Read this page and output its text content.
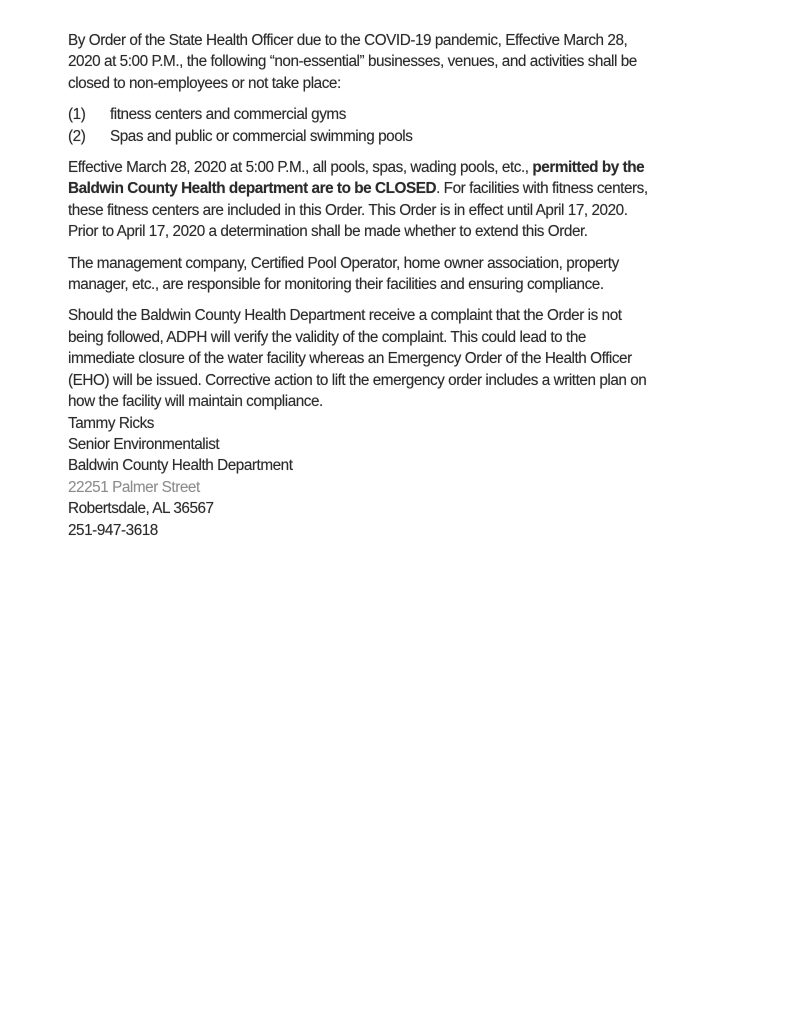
By Order of the State Health Officer due to the COVID-19 pandemic, Effective March 28,
2020 at 5:00 P.M., the following “non-essential” businesses, venues, and activities shall be
closed to non-employees or not take place:

(1)	fitness centers and commercial gyms
(2)	Spas and public or commercial swimming pools

Effective March 28, 2020 at 5:00 P.M., all pools, spas, wading pools, etc., permitted by the
Baldwin County Health department are to be CLOSED. For facilities with fitness centers,
these fitness centers are included in this Order. This Order is in effect until April 17, 2020.
Prior to April 17, 2020 a determination shall be made whether to extend this Order.

The management company, Certified Pool Operator, home owner association, property
manager, etc., are responsible for monitoring their facilities and ensuring compliance.

Should the Baldwin County Health Department receive a complaint that the Order is not
being followed, ADPH will verify the validity of the complaint. This could lead to the
immediate closure of the water facility whereas an Emergency Order of the Health Officer
(EHO) will be issued. Corrective action to lift the emergency order includes a written plan on
how the facility will maintain compliance.

Tammy Ricks
Senior Environmentalist
Baldwin County Health Department
22251 Palmer Street
Robertsdale, AL 36567
251-947-3618
